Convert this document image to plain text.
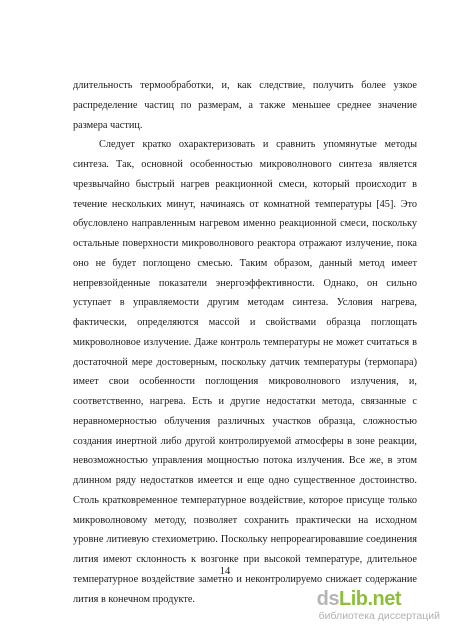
длительность термообработки, и, как следствие, получить более узкое
распределение частиц по размерам, а также меньшее среднее значение
размера частиц.
Следует кратко охарактеризовать и сравнить упомянутые методы
синтеза. Так, основной особенностью микроволнового синтеза является
чрезвычайно быстрый нагрев реакционной смеси, который происходит в
течение нескольких минут, начинаясь от комнатной температуры [45]. Это
обусловлено направленным нагревом именно реакционной смеси, поскольку
остальные поверхности микроволнового реактора отражают излучение, пока
оно не будет поглощено смесью. Таким образом, данный метод имеет
непревзойденные показатели энергоэффективности. Однако, он сильно
уступает в управляемости другим методам синтеза. Условия нагрева,
фактически, определяются массой и свойствами образца поглощать
микроволновое излучение. Даже контроль температуры не может считаться в
достаточной мере достоверным, поскольку датчик температуры (термопара)
имеет свои особенности поглощения микроволнового излучения, и,
соответственно, нагрева. Есть и другие недостатки метода, связанные с
неравномерностью облучения различных участков образца, сложностью
создания инертной либо другой контролируемой атмосферы в зоне реакции,
невозможностью управления мощностью потока излучения. Все же, в этом
длинном ряду недостатков имеется и еще одно существенное достоинство.
Столь кратковременное температурное воздействие, которое присуще только
микроволновому методу, позволяет сохранить практически на исходном
уровне литиевую стехиометрию. Поскольку непрореагировавшие соединения
лития имеют склонность к возгонке при высокой температуре, длительное
температурное воздействие заметно и неконтролируемо снижает содержание
лития в конечном продукте.
14
dsLib.net
библиотека диссертаций
